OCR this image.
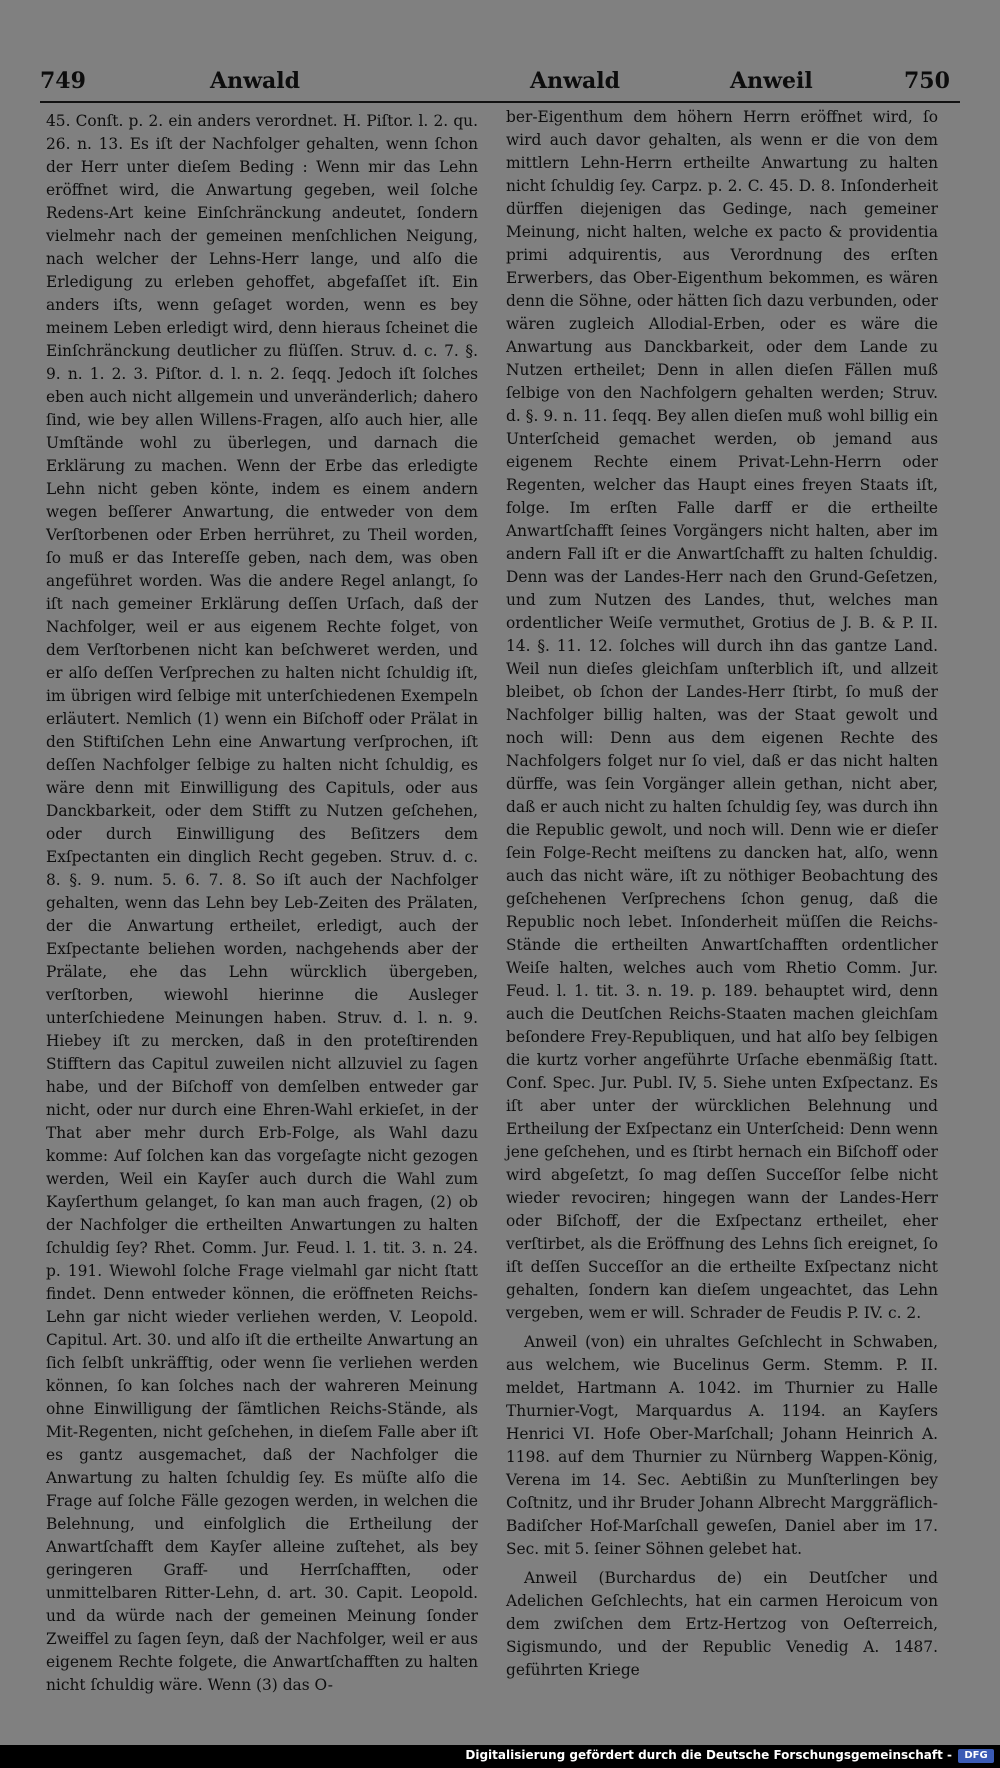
749	Anwald	Anwald	Anweil	750

45. Conſt. p. 2. ein anders verordnet. H. Piſtor. l. 2. qu. 26. n. 13. Es iſt der Nachfolger gehalten, wenn ſchon der Herr unter dieſem Beding : Wenn mir das Lehn eröffnet wird, die Anwartung gegeben, weil ſolche Redens-Art keine Einſchränckung andeutet, ſondern vielmehr nach der gemeinen menſchlichen Neigung, nach welcher der Lehns-Herr lange, und alſo die Erledigung zu erleben gehoffet, abgefaſſet iſt. Ein anders iſts, wenn geſaget worden, wenn es bey meinem Leben erledigt wird, denn hieraus ſcheinet die Einſchränckung deutlicher zu flüſſen. Struv. d. c. 7. §. 9. n. 1. 2. 3. Piſtor. d. l. n. 2. ſeqq. Jedoch iſt ſolches eben auch nicht allgemein und unveränderlich; dahero ſind, wie bey allen Willens-Fragen, alſo auch hier, alle Umſtände wohl zu überlegen, und darnach die Erklärung zu machen. Wenn der Erbe das erledigte Lehn nicht geben könte, indem es einem andern wegen beſſerer Anwartung, die entweder von dem Verſtorbenen oder Erben herrühret, zu Theil worden, ſo muß er das Intereſſe geben, nach dem, was oben angeführet worden. Was die andere Regel anlangt, ſo iſt nach gemeiner Erklärung deſſen Urſach, daß der Nachfolger, weil er aus eigenem Rechte folget, von dem Verſtorbenen nicht kan beſchweret werden, und er alſo deſſen Verſprechen zu halten nicht ſchuldig iſt, im übrigen wird ſelbige mit unterſchiedenen Exempeln erläutert. Nemlich (1) wenn ein Biſchoff oder Prälat in den Stiftiſchen Lehn eine Anwartung verſprochen, iſt deſſen Nachfolger ſelbige zu halten nicht ſchuldig, es wäre denn mit Einwilligung des Capituls, oder aus Danckbarkeit, oder dem Stifft zu Nutzen geſchehen, oder durch Einwilligung des Beſitzers dem Exſpectanten ein dinglich Recht gegeben. Struv. d. c. 8. §. 9. num. 5. 6. 7. 8. So iſt auch der Nachfolger gehalten, wenn das Lehn bey Leb-Zeiten des Prälaten, der die Anwartung ertheilet, erledigt, auch der Exſpectante beliehen worden, nachgehends aber der Prälate, ehe das Lehn würcklich übergeben, verſtorben, wiewohl hierinne die Ausleger unterſchiedene Meinungen haben. Struv. d. l. n. 9. Hiebey iſt zu mercken, daß in den proteſtirenden Stifftern das Capitul zuweilen nicht allzuviel zu ſagen habe, und der Biſchoff von demſelben entweder gar nicht, oder nur durch eine Ehren-Wahl erkieſet, in der That aber mehr durch Erb-Folge, als Wahl dazu komme: Auf ſolchen kan das vorgeſagte nicht gezogen werden, Weil ein Kayſer auch durch die Wahl zum Kayſerthum gelanget, ſo kan man auch fragen, (2) ob der Nachfolger die ertheilten Anwartungen zu halten ſchuldig ſey? Rhet. Comm. Jur. Feud. l. 1. tit. 3. n. 24. p. 191. Wiewohl ſolche Frage vielmahl gar nicht ſtatt findet. Denn entweder können, die eröffneten Reichs-Lehn gar nicht wieder verliehen werden, V. Leopold. Capitul. Art. 30. und alſo iſt die ertheilte Anwartung an ſich ſelbſt unkräfftig, oder wenn ſie verliehen werden können, ſo kan ſolches nach der wahreren Meinung ohne Einwilligung der ſämtlichen Reichs-Stände, als Mit-Regenten, nicht geſchehen, in dieſem Falle aber iſt es gantz ausgemachet, daß der Nachfolger die Anwartung zu halten ſchuldig ſey. Es müſte alſo die Frage auf ſolche Fälle gezogen werden, in welchen die Belehnung, und einfolglich die Ertheilung der Anwartſchafft dem Kayſer alleine zuſtehet, als bey geringeren Graff- und Herrſchafften, oder unmittelbaren Ritter-Lehn, d. art. 30. Capit. Leopold. und da würde nach der gemeinen Meinung ſonder Zweiffel zu ſagen ſeyn, daß der Nachfolger, weil er aus eigenem Rechte folgete, die Anwartſchafften zu halten nicht ſchuldig wäre. Wenn (3) das O-

ber-Eigenthum dem höhern Herrn eröffnet wird, ſo wird auch davor gehalten, als wenn er die von dem mittlern Lehn-Herrn ertheilte Anwartung zu halten nicht ſchuldig ſey. Carpz. p. 2. C. 45. D. 8. Inſonderheit dürffen diejenigen das Gedinge, nach gemeiner Meinung, nicht halten, welche ex pacto & providentia primi adquirentis, aus Verordnung des erſten Erwerbers, das Ober-Eigenthum bekommen, es wären denn die Söhne, oder hätten ſich dazu verbunden, oder wären zugleich Allodial-Erben, oder es wäre die Anwartung aus Danckbarkeit, oder dem Lande zu Nutzen ertheilet; Denn in allen dieſen Fällen muß ſelbige von den Nachfolgern gehalten werden; Struv. d. §. 9. n. 11. ſeqq. Bey allen dieſen muß wohl billig ein Unterſcheid gemachet werden, ob jemand aus eigenem Rechte einem Privat-Lehn-Herrn oder Regenten, welcher das Haupt eines freyen Staats iſt, folge. Im erſten Falle darff er die ertheilte Anwartſchafft ſeines Vorgängers nicht halten, aber im andern Fall iſt er die Anwartſchafft zu halten ſchuldig. Denn was der Landes-Herr nach den Grund-Geſetzen, und zum Nutzen des Landes, thut, welches man ordentlicher Weiſe vermuthet, Grotius de J. B. & P. II. 14. §. 11. 12. ſolches will durch ihn das gantze Land. Weil nun dieſes gleichſam unſterblich iſt, und allzeit bleibet, ob ſchon der Landes-Herr ſtirbt, ſo muß der Nachfolger billig halten, was der Staat gewolt und noch will: Denn aus dem eigenen Rechte des Nachfolgers folget nur ſo viel, daß er das nicht halten dürffe, was ſein Vorgänger allein gethan, nicht aber, daß er auch nicht zu halten ſchuldig ſey, was durch ihn die Republic gewolt, und noch will. Denn wie er dieſer ſein Folge-Recht meiſtens zu dancken hat, alſo, wenn auch das nicht wäre, iſt zu nöthiger Beobachtung des geſchehenen Verſprechens ſchon genug, daß die Republic noch lebet. Inſonderheit müſſen die Reichs-Stände die ertheilten Anwartſchafften ordentlicher Weiſe halten, welches auch vom Rhetio Comm. Jur. Feud. l. 1. tit. 3. n. 19. p. 189. behauptet wird, denn auch die Deutſchen Reichs-Staaten machen gleichſam beſondere Frey-Republiquen, und hat alſo bey ſelbigen die kurtz vorher angeführte Urſache ebenmäßig ſtatt. Conf. Spec. Jur. Publ. IV, 5. Siehe unten Exſpectanz. Es iſt aber unter der würcklichen Belehnung und Ertheilung der Exſpectanz ein Unterſcheid: Denn wenn jene geſchehen, und es ſtirbt hernach ein Biſchoff oder wird abgeſetzt, ſo mag deſſen Succeſſor ſelbe nicht wieder revociren; hingegen wann der Landes-Herr oder Biſchoff, der die Exſpectanz ertheilet, eher verſtirbet, als die Eröffnung des Lehns ſich ereignet, ſo iſt deſſen Succeſſor an die ertheilte Exſpectanz nicht gehalten, ſondern kan dieſem ungeachtet, das Lehn vergeben, wem er will. Schrader de Feudis P. IV. c. 2.

Anweil (von) ein uhraltes Geſchlecht in Schwaben, aus welchem, wie Bucelinus Germ. Stemm. P. II. meldet, Hartmann A. 1042. im Thurnier zu Halle Thurnier-Vogt, Marquardus A. 1194. an Kayſers Henrici VI. Hofe Ober-Marſchall; Johann Heinrich A. 1198. auf dem Thurnier zu Nürnberg Wappen-König, Verena im 14. Sec. Aebtißin zu Munſterlingen bey Coſtnitz, und ihr Bruder Johann Albrecht Marggräflich-Badiſcher Hof-Marſchall geweſen, Daniel aber im 17. Sec. mit 5. ſeiner Söhnen gelebet hat.

Anweil (Burchardus de) ein Deutſcher und Adelichen Geſchlechts, hat ein carmen Heroicum von dem zwiſchen dem Ertz-Hertzog von Oeſterreich, Sigismundo, und der Republic Venedig A. 1487. geführten Kriege

Digitalisierung gefördert durch die Deutsche Forschungsgemeinschaft -	DFG
